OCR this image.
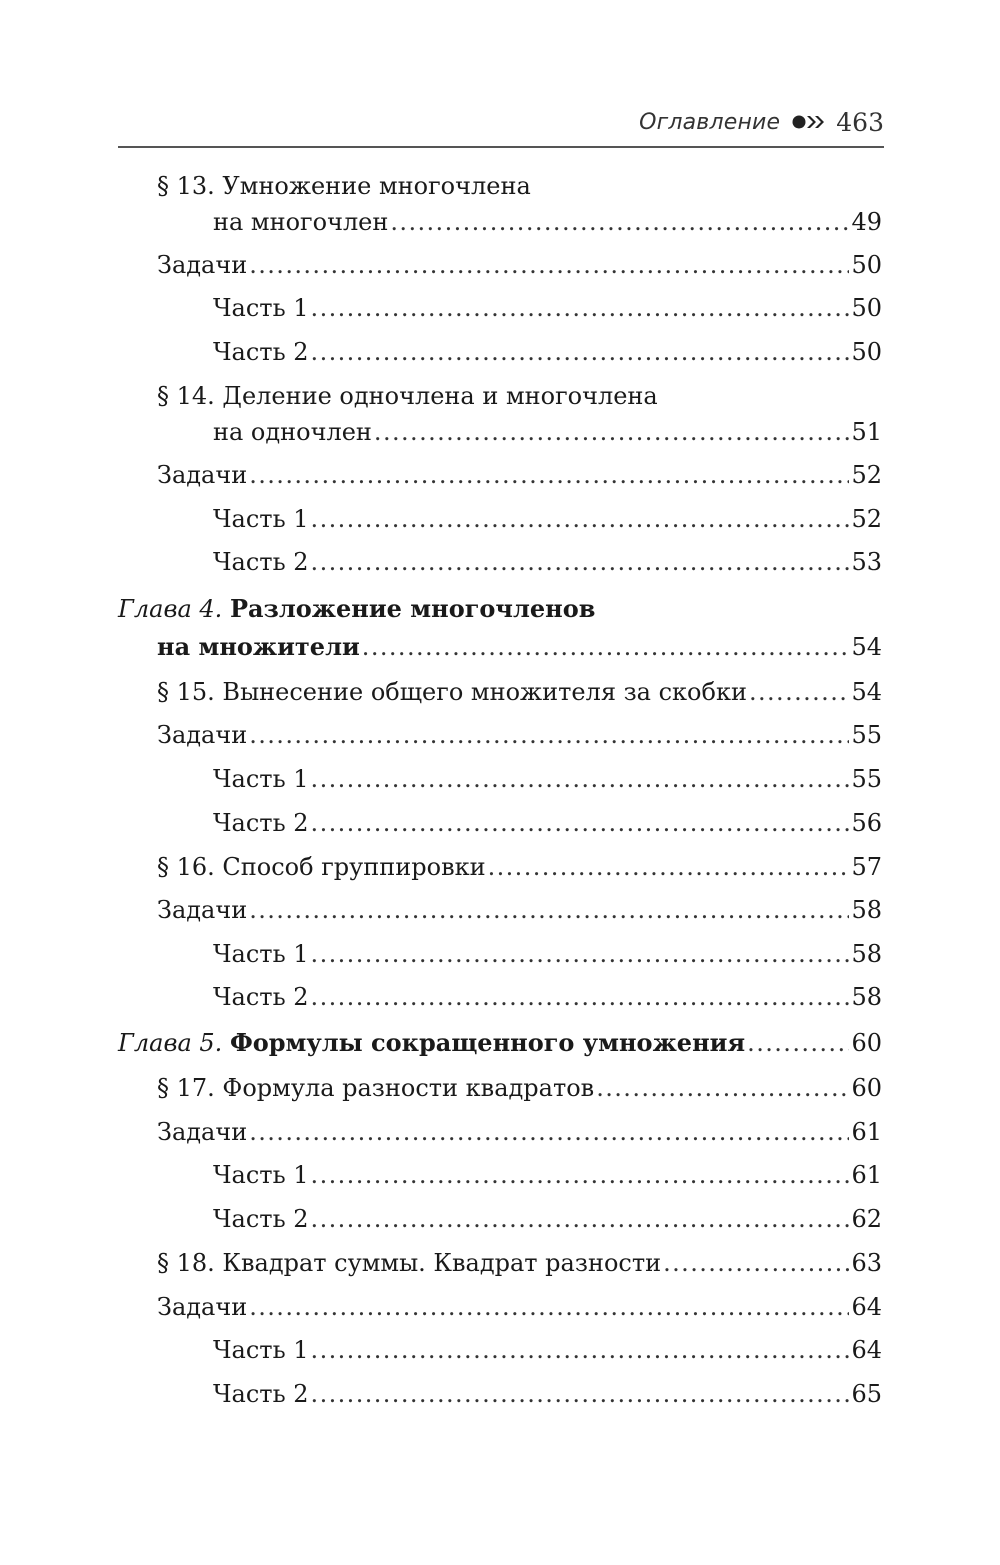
Оглавление 463
§ 13. Умножение многочлена
на многочлен .....	49
Задачи .....	50
Часть 1 .....	50
Часть 2 .....	50
§ 14. Деление одночлена и многочлена
на одночлен .....	51
Задачи .....	52
Часть 1 .....	52
Часть 2 .....	53
Глава 4. Разложение многочленов
на множители .....	54
§ 15. Вынесение общего множителя за скобки .....	54
Задачи .....	55
Часть 1 .....	55
Часть 2 .....	56
§ 16. Способ группировки .....	57
Задачи .....	58
Часть 1 .....	58
Часть 2 .....	58
Глава 5. Формулы сокращенного умножения .....	60
§ 17. Формула разности квадратов .....	60
Задачи .....	61
Часть 1 .....	61
Часть 2 .....	62
§ 18. Квадрат суммы. Квадрат разности .....	63
Задачи .....	64
Часть 1 .....	64
Часть 2 .....	65
